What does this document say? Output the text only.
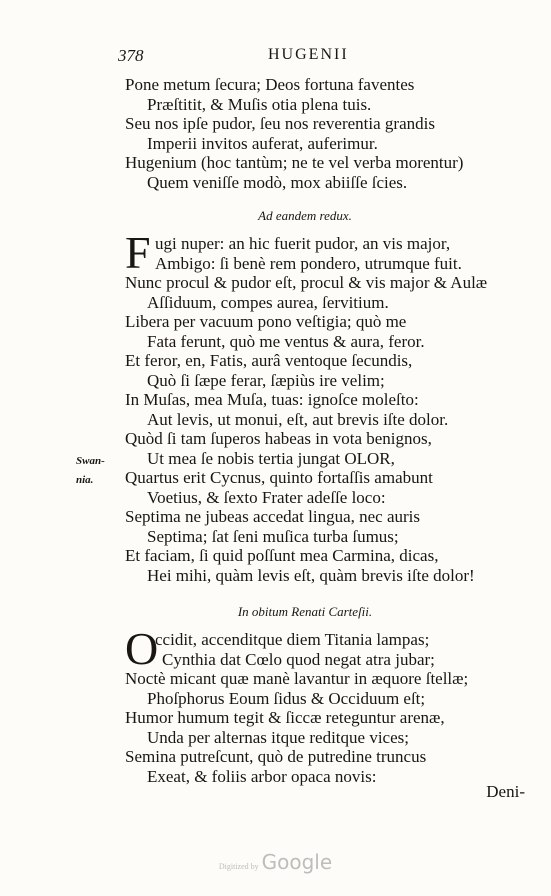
378	HUGENII
Pone metum ſecura; Deos fortuna faventes
Præſtitit, & Muſis otia plena tuis.
Seu nos ipſe pudor, ſeu nos reverentia grandis
Imperii invitos auferat, auferimur.
Hugenium (hoc tantùm; ne te vel verba morentur)
Quem veniſſe modò, mox abiiſſe ſcies.
Ad eandem redux.
F ugi nuper: an hic fuerit pudor, an vis major,
Ambigo: ſi benè rem pondero, utrumque fuit.
Nunc procul & pudor eſt, procul & vis major & Aulæ
Aſſiduum, compes aurea, ſervitium.
Libera per vacuum pono veſtigia; quò me
Fata ferunt, quò me ventus & aura, feror.
Et feror, en, Fatis, aurâ ventoque ſecundis,
Quò ſi ſæpe ferar, ſæpiùs ire velim;
In Muſas, mea Muſa, tuas: ignoſce moleſto:
Aut levis, ut monui, eſt, aut brevis iſte dolor.
Quòd ſi tam ſuperos habeas in vota benignos,
Ut mea ſe nobis tertia jungat OLOR,
Quartus erit Cycnus, quinto fortaſſis amabunt
Voetius, & ſexto Frater adeſſe loco:
Septima ne jubeas accedat lingua, nec auris
Septima; ſat ſeni muſica turba ſumus;
Et faciam, ſi quid poſſunt mea Carmina, dicas,
Hei mihi, quàm levis eſt, quàm brevis iſte dolor!
Swan-
nia.
In obitum Renati Carteſii.
O
ccidit, accenditque diem Titania lampas;
Cynthia dat Cœlo quod negat atra jubar;
Noctè micant quæ manè lavantur in æquore ſtellæ;
Phoſphorus Eoum ſidus & Occiduum eſt;
Humor humum tegit & ſiccæ reteguntur arenæ,
Unda per alternas itque reditque vices;
Semina putreſcunt, quò de putredine truncus
Exeat, & foliis arbor opaca novis:
Deni-
Digitized by Google
